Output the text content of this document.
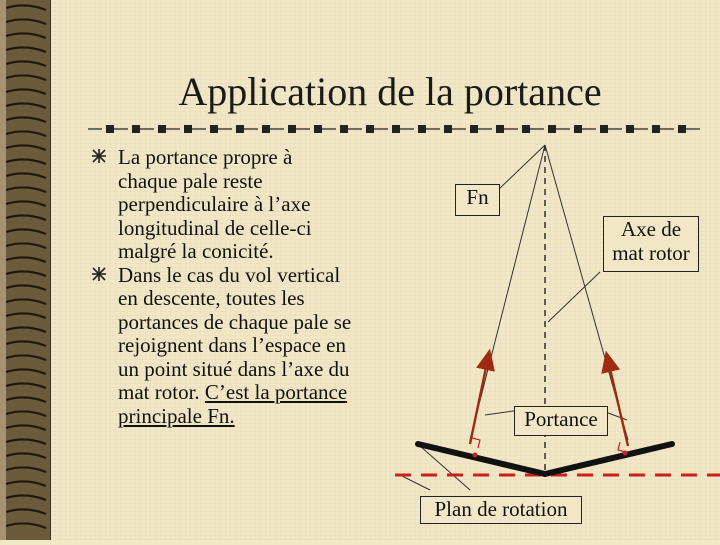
Application de la portance
La portance propre à
chaque pale reste
perpendiculaire à l’axe
longitudinal de celle-ci
malgré la conicité.
Dans le cas du vol vertical
en descente, toutes les
portances de chaque pale se
rejoignent dans l’espace en
un point situé dans l’axe du
mat rotor. C’est la portance
principale Fn.
Fn
Axe de
mat rotor
Portance
Plan de rotation
